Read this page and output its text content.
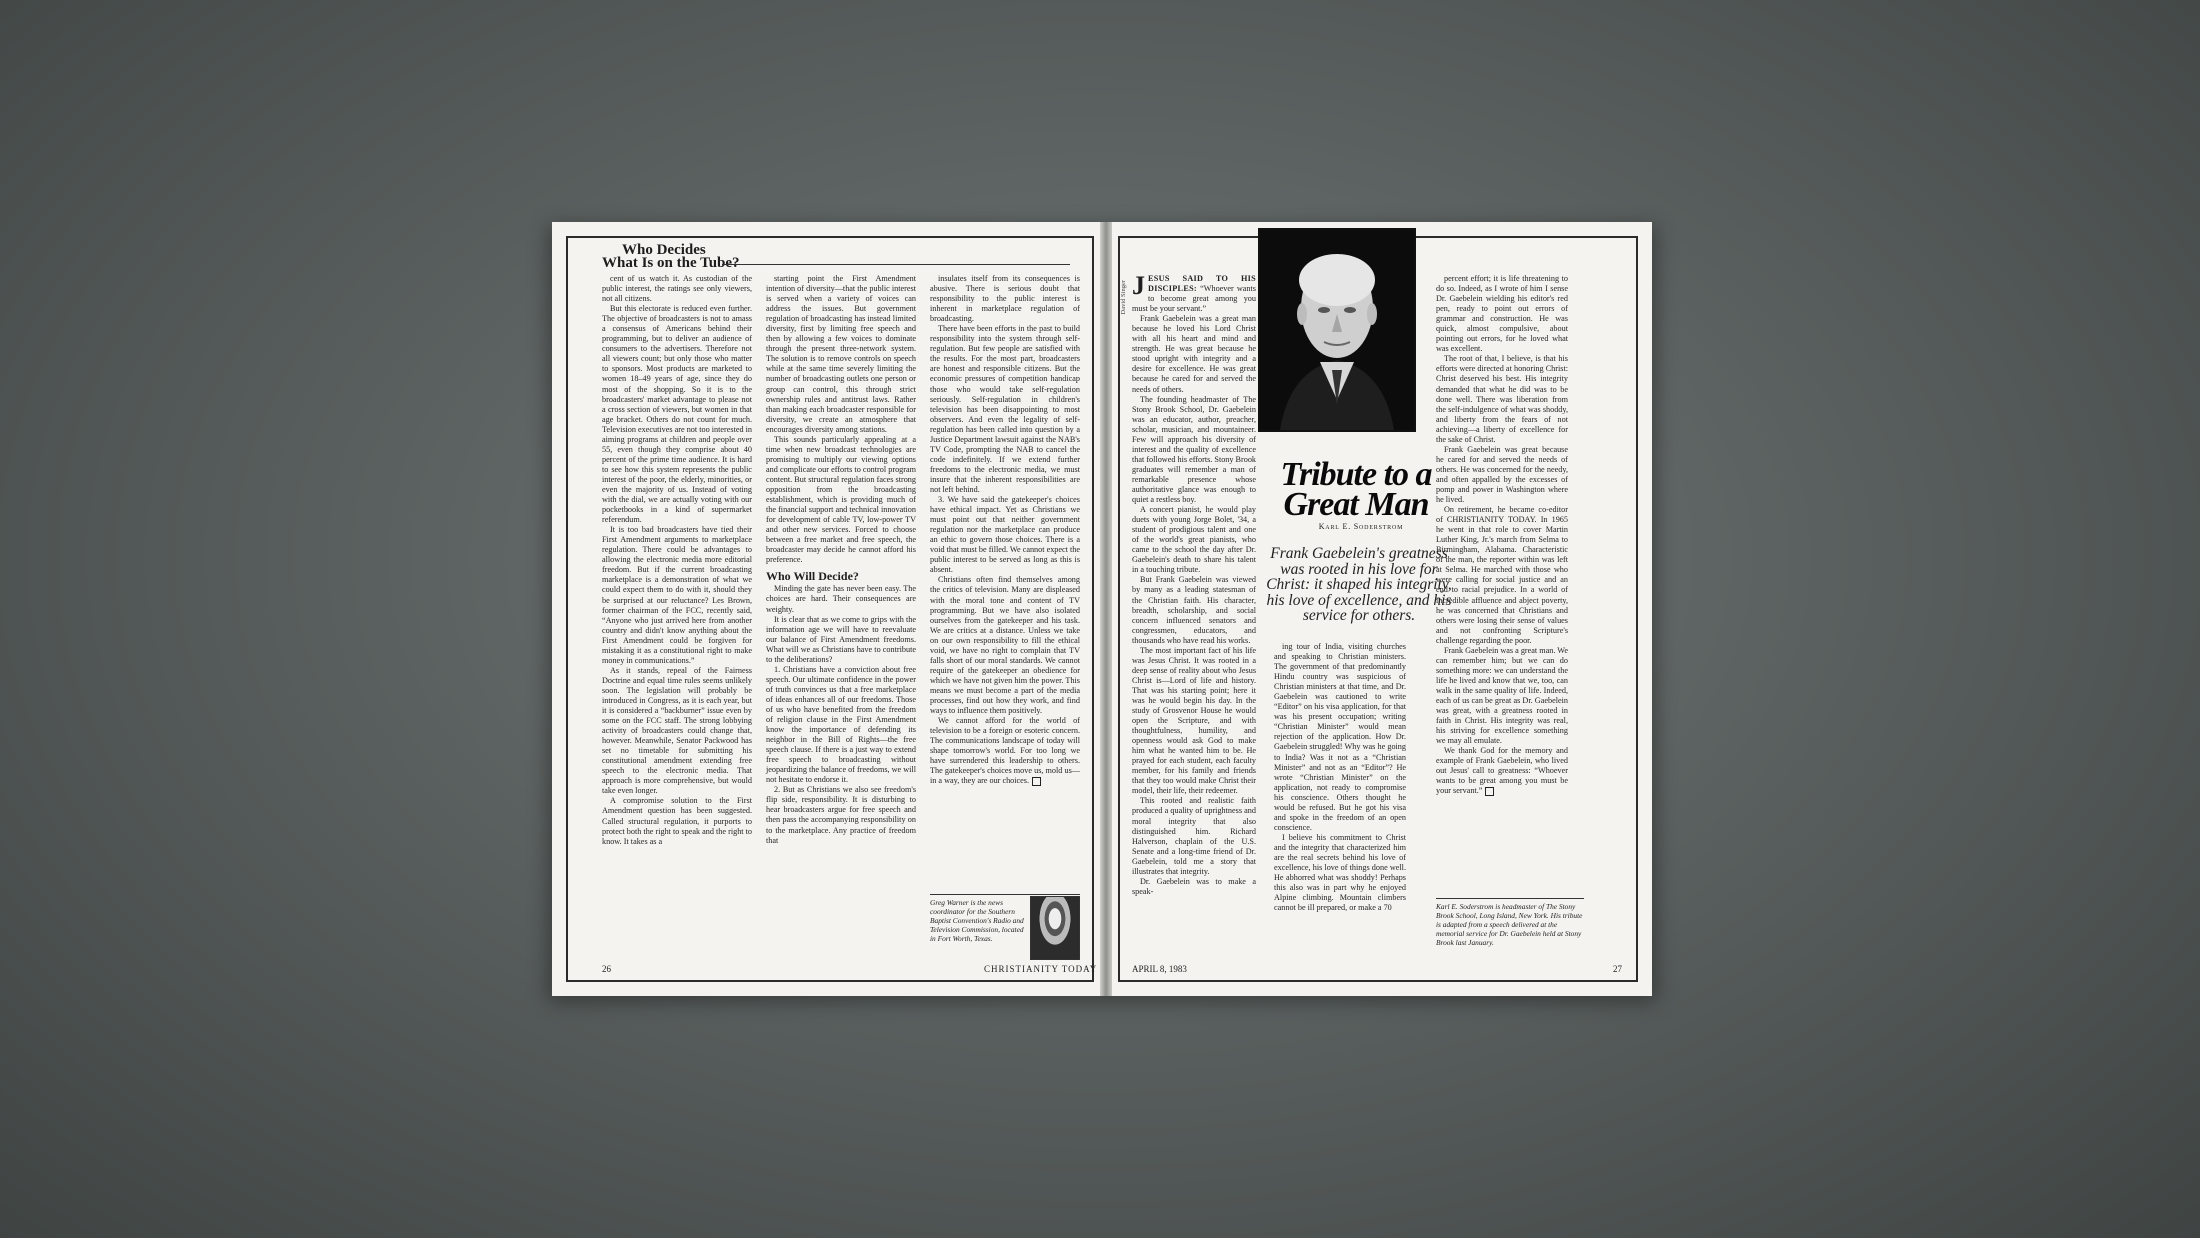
Who Decides
What Is on the Tube?

cent of us watch it. As custodian of the public interest, the ratings see only viewers, not all citizens.

But this electorate is reduced even further. The objective of broadcasters is not to amass a consensus of Americans behind their programming, but to deliver an audience of consumers to the advertisers. Therefore not all viewers count; but only those who matter to sponsors. Most products are marketed to women 18–49 years of age, since they do most of the shopping. So it is to the broadcasters' market advantage to please not a cross section of viewers, but women in that age bracket. Others do not count for much. Television executives are not too interested in aiming programs at children and people over 55, even though they comprise about 40 percent of the prime time audience. It is hard to see how this system represents the public interest of the poor, the elderly, minorities, or even the majority of us. Instead of voting with the dial, we are actually voting with our pocketbooks in a kind of supermarket referendum.

It is too bad broadcasters have tied their First Amendment arguments to marketplace regulation. There could be advantages to allowing the electronic media more editorial freedom. But if the current broadcasting marketplace is a demonstration of what we could expect them to do with it, should they be surprised at our reluctance? Les Brown, former chairman of the FCC, recently said, “Anyone who just arrived here from another country and didn't know anything about the First Amendment could be forgiven for mistaking it as a constitutional right to make money in communications.”

As it stands, repeal of the Fairness Doctrine and equal time rules seems unlikely soon. The legislation will probably be introduced in Congress, as it is each year, but it is considered a “backburner” issue even by some on the FCC staff. The strong lobbying activity of broadcasters could change that, however. Meanwhile, Senator Packwood has set no timetable for submitting his constitutional amendment extending free speech to the electronic media. That approach is more comprehensive, but would take even longer.

A compromise solution to the First Amendment question has been suggested. Called structural regulation, it purports to protect both the right to speak and the right to know. It takes as a

starting point the First Amendment intention of diversity—that the public interest is served when a variety of voices can address the issues. But government regulation of broadcasting has instead limited diversity, first by limiting free speech and then by allowing a few voices to dominate through the present three-network system. The solution is to remove controls on speech while at the same time severely limiting the number of broadcasting outlets one person or group can control, this through strict ownership rules and antitrust laws. Rather than making each broadcaster responsible for diversity, we create an atmosphere that encourages diversity among stations.

This sounds particularly appealing at a time when new broadcast technologies are promising to multiply our viewing options and complicate our efforts to control program content. But structural regulation faces strong opposition from the broadcasting establishment, which is providing much of the financial support and technical innovation for development of cable TV, low-power TV and other new services. Forced to choose between a free market and free speech, the broadcaster may decide he cannot afford his preference.

Who Will Decide?

Minding the gate has never been easy. The choices are hard. Their consequences are weighty.

It is clear that as we come to grips with the information age we will have to reevaluate our balance of First Amendment freedoms. What will we as Christians have to contribute to the deliberations?

1. Christians have a conviction about free speech. Our ultimate confidence in the power of truth convinces us that a free marketplace of ideas enhances all of our freedoms. Those of us who have benefited from the freedom of religion clause in the First Amendment know the importance of defending its neighbor in the Bill of Rights—the free speech clause. If there is a just way to extend free speech to broadcasting without jeopardizing the balance of freedoms, we will not hesitate to endorse it.

2. But as Christians we also see freedom's flip side, responsibility. It is disturbing to hear broadcasters argue for free speech and then pass the accompanying responsibility on to the marketplace. Any practice of freedom that

insulates itself from its consequences is abusive. There is serious doubt that responsibility to the public interest is inherent in marketplace regulation of broadcasting.

There have been efforts in the past to build responsibility into the system through self-regulation. But few people are satisfied with the results. For the most part, broadcasters are honest and responsible citizens. But the economic pressures of competition handicap those who would take self-regulation seriously. Self-regulation in children's television has been disappointing to most observers. And even the legality of self-regulation has been called into question by a Justice Department lawsuit against the NAB's TV Code, prompting the NAB to cancel the code indefinitely. If we extend further freedoms to the electronic media, we must insure that the inherent responsibilities are not left behind.

3. We have said the gatekeeper's choices have ethical impact. Yet as Christians we must point out that neither government regulation nor the marketplace can produce an ethic to govern those choices. There is a void that must be filled. We cannot expect the public interest to be served as long as this is absent.

Christians often find themselves among the critics of television. Many are displeased with the moral tone and content of TV programming. But we have also isolated ourselves from the gatekeeper and his task. We are critics at a distance. Unless we take on our own responsibility to fill the ethical void, we have no right to complain that TV falls short of our moral standards. We cannot require of the gatekeeper an obedience for which we have not given him the power. This means we must become a part of the media processes, find out how they work, and find ways to influence them positively.

We cannot afford for the world of television to be a foreign or esoteric concern. The communications landscape of today will shape tomorrow's world. For too long we have surrendered this leadership to others. The gatekeeper's choices move us, mold us—in a way, they are our choices.

Greg Warner is the news coordinator for the Southern Baptist Convention's Radio and Television Commission, located in Fort Worth, Texas.
26	CHRISTIANITY TODAY
David Singer JESUS SAID TO HIS DISCIPLES: “Whoever wants to become great among you must be your servant.”

Frank Gaebelein was a great man because he loved his Lord Christ with all his heart and mind and strength. He was great because he stood upright with integrity and a desire for excellence. He was great because he cared for and served the needs of others.

The founding headmaster of The Stony Brook School, Dr. Gaebelein was an educator, author, preacher, scholar, musician, and mountaineer. Few will approach his diversity of interest and the quality of excellence that followed his efforts. Stony Brook graduates will remember a man of remarkable presence whose authoritative glance was enough to quiet a restless boy.

A concert pianist, he would play duets with young Jorge Bolet, '34, a student of prodigious talent and one of the world's great pianists, who came to the school the day after Dr. Gaebelein's death to share his talent in a touching tribute.

But Frank Gaebelein was viewed by many as a leading statesman of the Christian faith. His character, breadth, scholarship, and social concern influenced senators and congressmen, educators, and thousands who have read his works.

The most important fact of his life was Jesus Christ. It was rooted in a deep sense of reality about who Jesus Christ is—Lord of life and history. That was his starting point; here it was he would begin his day. In the study of Grosvenor House he would open the Scripture, and with thoughtfulness, humility, and openness would ask God to make him what he wanted him to be. He prayed for each student, each faculty member, for his family and friends that they too would make Christ their model, their life, their redeemer.

This rooted and realistic faith produced a quality of uprightness and moral integrity that also distinguished him. Richard Halverson, chaplain of the U.S. Senate and a long-time friend of Dr. Gaebelein, told me a story that illustrates that integrity.

Dr. Gaebelein was to make a speak-

Tribute to a
Great Man
Karl E. Soderstrom
Frank Gaebelein's greatness was rooted in his love for Christ: it shaped his integrity, his love of excellence, and his service for others.

ing tour of India, visiting churches and speaking to Christian ministers. The government of that predominantly Hindu country was suspicious of Christian ministers at that time, and Dr. Gaebelein was cautioned to write “Editor” on his visa application, for that was his present occupation; writing “Christian Minister” would mean rejection of the application. How Dr. Gaebelein struggled! Why was he going to India? Was it not as a “Christian Minister” and not as an “Editor”? He wrote “Christian Minister” on the application, not ready to compromise his conscience. Others thought he would be refused. But he got his visa and spoke in the freedom of an open conscience.

I believe his commitment to Christ and the integrity that characterized him are the real secrets behind his love of excellence, his love of things done well. He abhorred what was shoddy! Perhaps this also was in part why he enjoyed Alpine climbing. Mountain climbers cannot be ill prepared, or make a 70

percent effort; it is life threatening to do so. Indeed, as I wrote of him I sense Dr. Gaebelein wielding his editor's red pen, ready to point out errors of grammar and construction. He was quick, almost compulsive, about pointing out errors, for he loved what was excellent.

The root of that, I believe, is that his efforts were directed at honoring Christ: Christ deserved his best. His integrity demanded that what he did was to be done well. There was liberation from the self-indulgence of what was shoddy, and liberty from the fears of not achieving—a liberty of excellence for the sake of Christ.

Frank Gaebelein was great because he cared for and served the needs of others. He was concerned for the needy, and often appalled by the excesses of pomp and power in Washington where he lived.

On retirement, he became co-editor of CHRISTIANITY TODAY. In 1965 he went in that role to cover Martin Luther King, Jr.'s march from Selma to Birmingham, Alabama. Characteristic of the man, the reporter within was left at Selma. He marched with those who were calling for social justice and an end to racial prejudice. In a world of incredible affluence and abject poverty, he was concerned that Christians and others were losing their sense of values and not confronting Scripture's challenge regarding the poor.

Frank Gaebelein was a great man. We can remember him; but we can do something more: we can understand the life he lived and know that we, too, can walk in the same quality of life. Indeed, each of us can be great as Dr. Gaebelein was great, with a greatness rooted in faith in Christ. His integrity was real, his striving for excellence something we may all emulate.

We thank God for the memory and example of Frank Gaebelein, who lived out Jesus' call to greatness: “Whoever wants to be great among you must be your servant.”

Karl E. Soderstrom is headmaster of The Stony Brook School, Long Island, New York. His tribute is adapted from a speech delivered at the memorial service for Dr. Gaebelein held at Stony Brook last January.
APRIL 8, 1983	27
